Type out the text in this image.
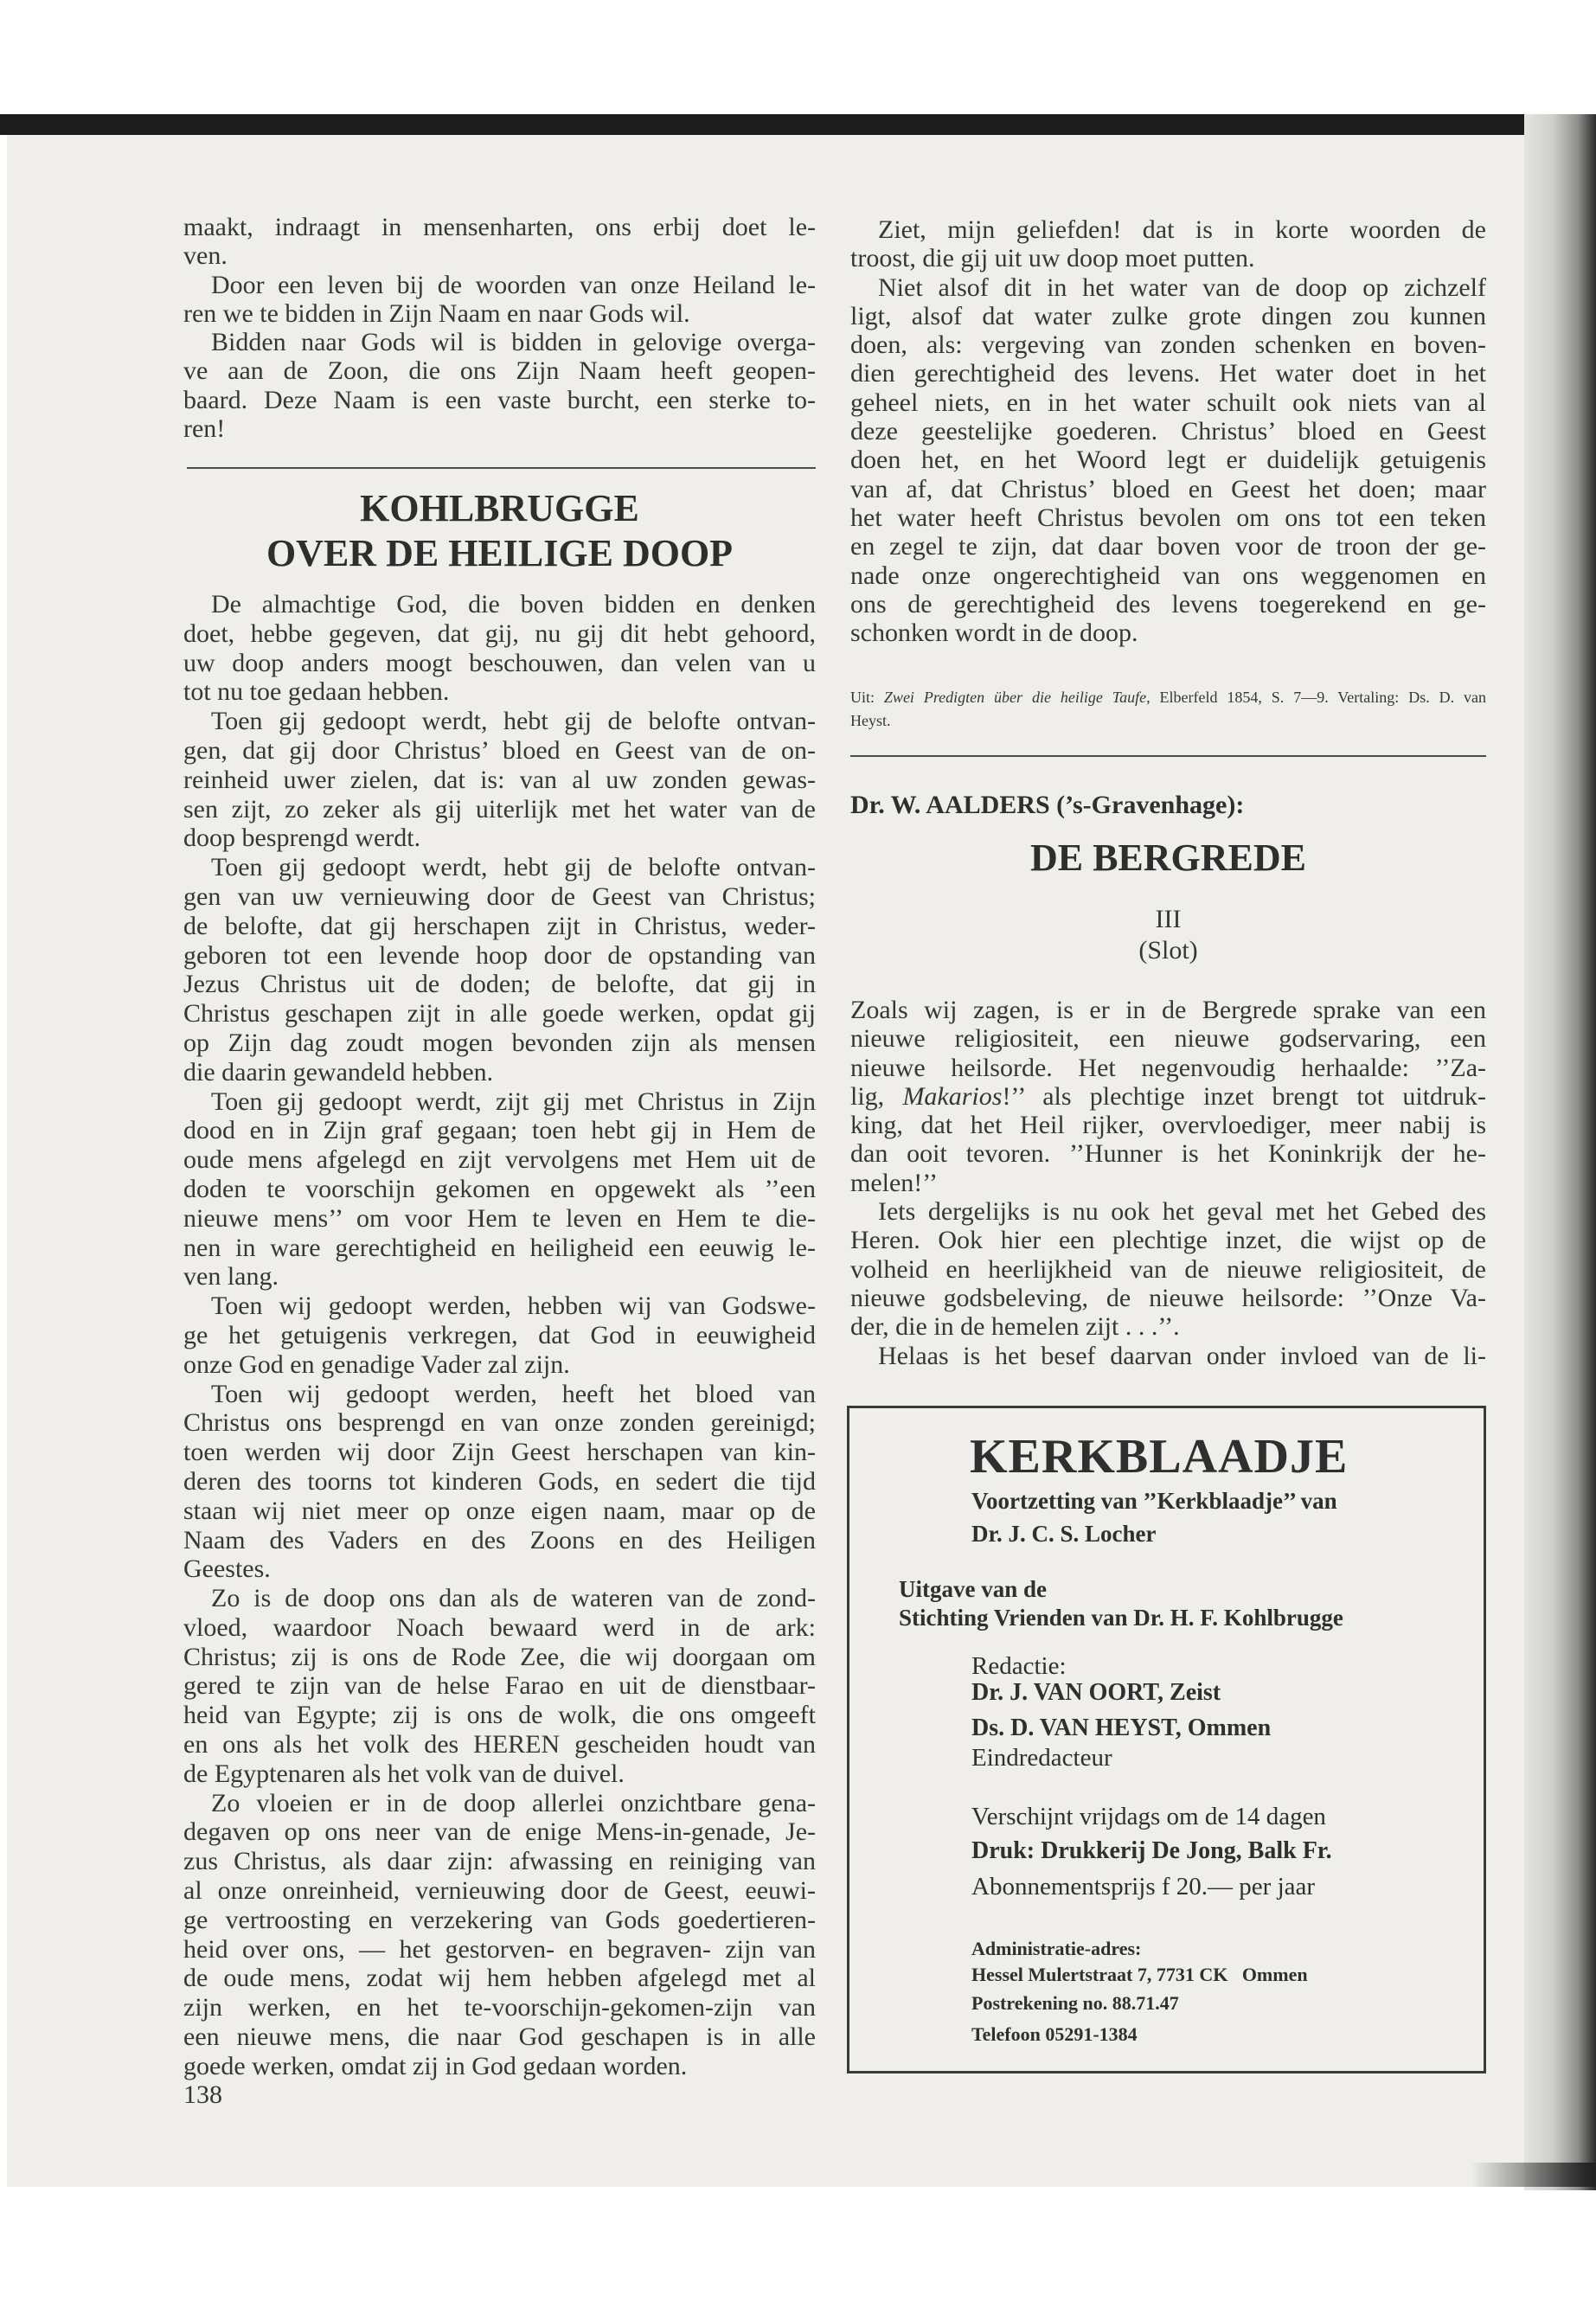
maakt, indraagt in mensenharten, ons erbij doet le-
ven.
Door een leven bij de woorden van onze Heiland le-
ren we te bidden in Zijn Naam en naar Gods wil.
Bidden naar Gods wil is bidden in gelovige overga-
ve aan de Zoon, die ons Zijn Naam heeft geopen-
baard. Deze Naam is een vaste burcht, een sterke to-
ren!
KOHLBRUGGE
OVER DE HEILIGE DOOP
De almachtige God, die boven bidden en denken
doet, hebbe gegeven, dat gij, nu gij dit hebt gehoord,
uw doop anders moogt beschouwen, dan velen van u
tot nu toe gedaan hebben.
Toen gij gedoopt werdt, hebt gij de belofte ontvan-
gen, dat gij door Christus’ bloed en Geest van de on-
reinheid uwer zielen, dat is: van al uw zonden gewas-
sen zijt, zo zeker als gij uiterlijk met het water van de
doop besprengd werdt.
Toen gij gedoopt werdt, hebt gij de belofte ontvan-
gen van uw vernieuwing door de Geest van Christus;
de belofte, dat gij herschapen zijt in Christus, weder-
geboren tot een levende hoop door de opstanding van
Jezus Christus uit de doden; de belofte, dat gij in
Christus geschapen zijt in alle goede werken, opdat gij
op Zijn dag zoudt mogen bevonden zijn als mensen
die daarin gewandeld hebben.
Toen gij gedoopt werdt, zijt gij met Christus in Zijn
dood en in Zijn graf gegaan; toen hebt gij in Hem de
oude mens afgelegd en zijt vervolgens met Hem uit de
doden te voorschijn gekomen en opgewekt als ’’een
nieuwe mens’’ om voor Hem te leven en Hem te die-
nen in ware gerechtigheid en heiligheid een eeuwig le-
ven lang.
Toen wij gedoopt werden, hebben wij van Godswe-
ge het getuigenis verkregen, dat God in eeuwigheid
onze God en genadige Vader zal zijn.
Toen wij gedoopt werden, heeft het bloed van
Christus ons besprengd en van onze zonden gereinigd;
toen werden wij door Zijn Geest herschapen van kin-
deren des toorns tot kinderen Gods, en sedert die tijd
staan wij niet meer op onze eigen naam, maar op de
Naam des Vaders en des Zoons en des Heiligen
Geestes.
Zo is de doop ons dan als de wateren van de zond-
vloed, waardoor Noach bewaard werd in de ark:
Christus; zij is ons de Rode Zee, die wij doorgaan om
gered te zijn van de helse Farao en uit de dienstbaar-
heid van Egypte; zij is ons de wolk, die ons omgeeft
en ons als het volk des HEREN gescheiden houdt van
de Egyptenaren als het volk van de duivel.
Zo vloeien er in de doop allerlei onzichtbare gena-
degaven op ons neer van de enige Mens-in-genade, Je-
zus Christus, als daar zijn: afwassing en reiniging van
al onze onreinheid, vernieuwing door de Geest, eeuwi-
ge vertroosting en verzekering van Gods goedertieren-
heid over ons, — het gestorven- en begraven- zijn van
de oude mens, zodat wij hem hebben afgelegd met al
zijn werken, en het te-voorschijn-gekomen-zijn van
een nieuwe mens, die naar God geschapen is in alle
goede werken, omdat zij in God gedaan worden.
138
Ziet, mijn geliefden! dat is in korte woorden de
troost, die gij uit uw doop moet putten.
Niet alsof dit in het water van de doop op zichzelf
ligt, alsof dat water zulke grote dingen zou kunnen
doen, als: vergeving van zonden schenken en boven-
dien gerechtigheid des levens. Het water doet in het
geheel niets, en in het water schuilt ook niets van al
deze geestelijke goederen. Christus’ bloed en Geest
doen het, en het Woord legt er duidelijk getuigenis
van af, dat Christus’ bloed en Geest het doen; maar
het water heeft Christus bevolen om ons tot een teken
en zegel te zijn, dat daar boven voor de troon der ge-
nade onze ongerechtigheid van ons weggenomen en
ons de gerechtigheid des levens toegerekend en ge-
schonken wordt in de doop.
Uit: Zwei Predigten über die heilige Taufe, Elberfeld 1854, S. 7—9. Vertaling: Ds. D. van
Heyst.
Dr. W. AALDERS (’s-Gravenhage):
DE BERGREDE
III
(Slot)
Zoals wij zagen, is er in de Bergrede sprake van een
nieuwe religiositeit, een nieuwe godservaring, een
nieuwe heilsorde. Het negenvoudig herhaalde: ’’Za-
lig, Makarios!’’ als plechtige inzet brengt tot uitdruk-
king, dat het Heil rijker, overvloediger, meer nabij is
dan ooit tevoren. ’’Hunner is het Koninkrijk der he-
melen!’’
Iets dergelijks is nu ook het geval met het Gebed des
Heren. Ook hier een plechtige inzet, die wijst op de
volheid en heerlijkheid van de nieuwe religiositeit, de
nieuwe godsbeleving, de nieuwe heilsorde: ’’Onze Va-
der, die in de hemelen zijt . . .’’.
Helaas is het besef daarvan onder invloed van de li-
KERKBLAADJE
Voortzetting van ’’Kerkblaadje’’ van
Dr. J. C. S. Locher
Uitgave van de
Stichting Vrienden van Dr. H. F. Kohlbrugge
Redactie:
Dr. J. VAN OORT, Zeist
Ds. D. VAN HEYST, Ommen
Eindredacteur
Verschijnt vrijdags om de 14 dagen
Druk: Drukkerij De Jong, Balk Fr.
Abonnementsprijs f 20.— per jaar
Administratie-adres:
Hessel Mulertstraat 7, 7731 CK   Ommen
Postrekening no. 88.71.47
Telefoon 05291-1384
